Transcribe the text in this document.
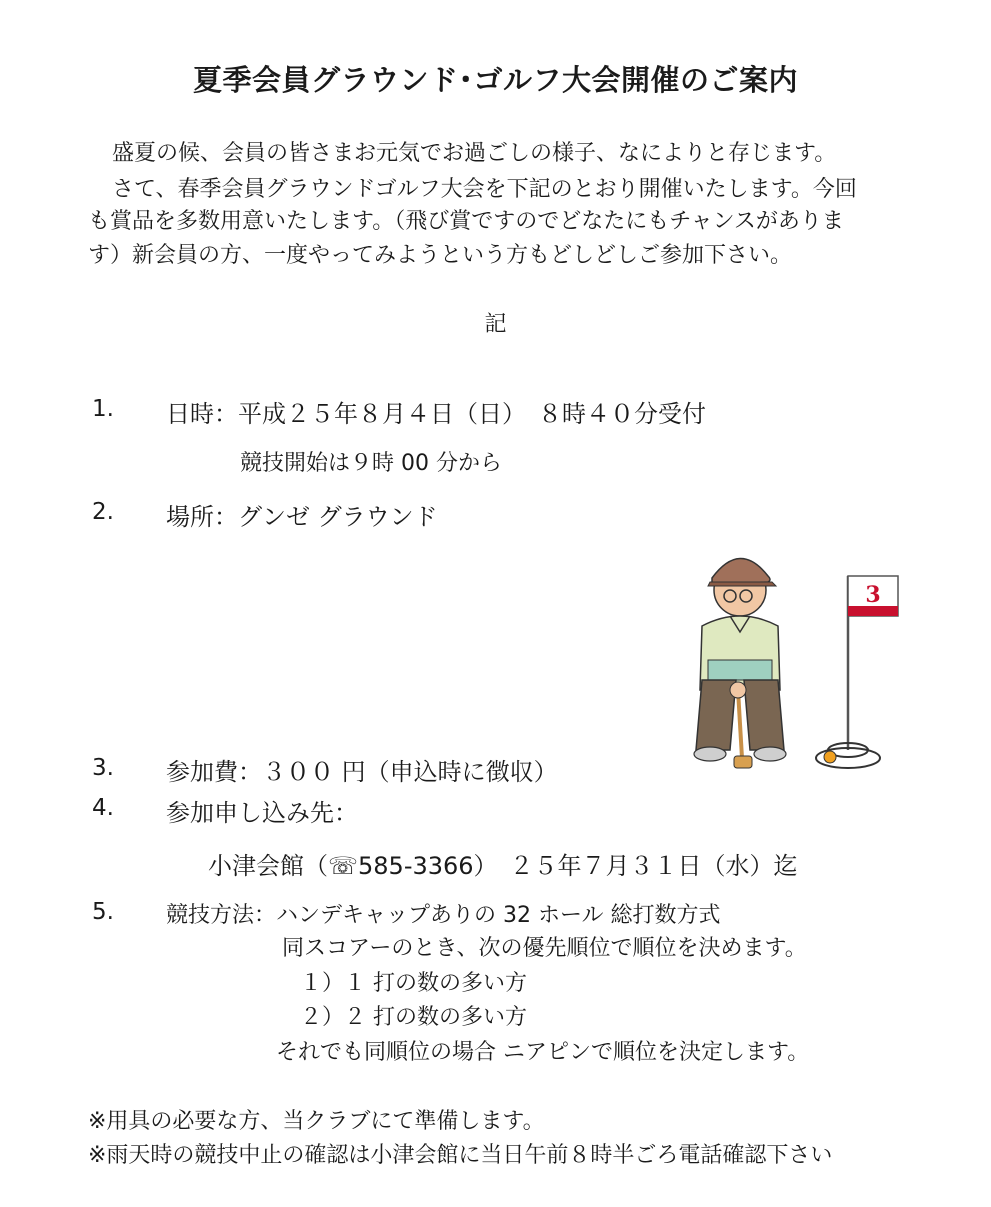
夏季会員グラウンド･ゴルフ大会開催のご案内
盛夏の候、会員の皆さまお元気でお過ごしの様子、なによりと存じます。
さて、春季会員グラウンドゴルフ大会を下記のとおり開催いたします。今回
も賞品を多数用意いたします。（飛び賞ですのでどなたにもチャンスがありま
す）新会員の方、一度やってみようという方もどしどしご参加下さい。
記
1. 日時：平成２５年８月４日（日）　８時４０分受付
競技開始は９時 00 分から
2. 場所：グンゼ グラウンド
3
3. 参加費：３００ 円（申込時に徴収）
4. 参加申し込み先：
小津会館（☏585-3366）　２５年７月３１日（水）迄
5. 競技方法：ハンデキャップありの 32 ホール 総打数方式
同スコアーのとき、次の優先順位で順位を決めます。
１）１ 打の数の多い方
２）２ 打の数の多い方
それでも同順位の場合 ニアピンで順位を決定します。
※用具の必要な方、当クラブにて準備します。
※雨天時の競技中止の確認は小津会館に当日午前８時半ごろ電話確認下さい
